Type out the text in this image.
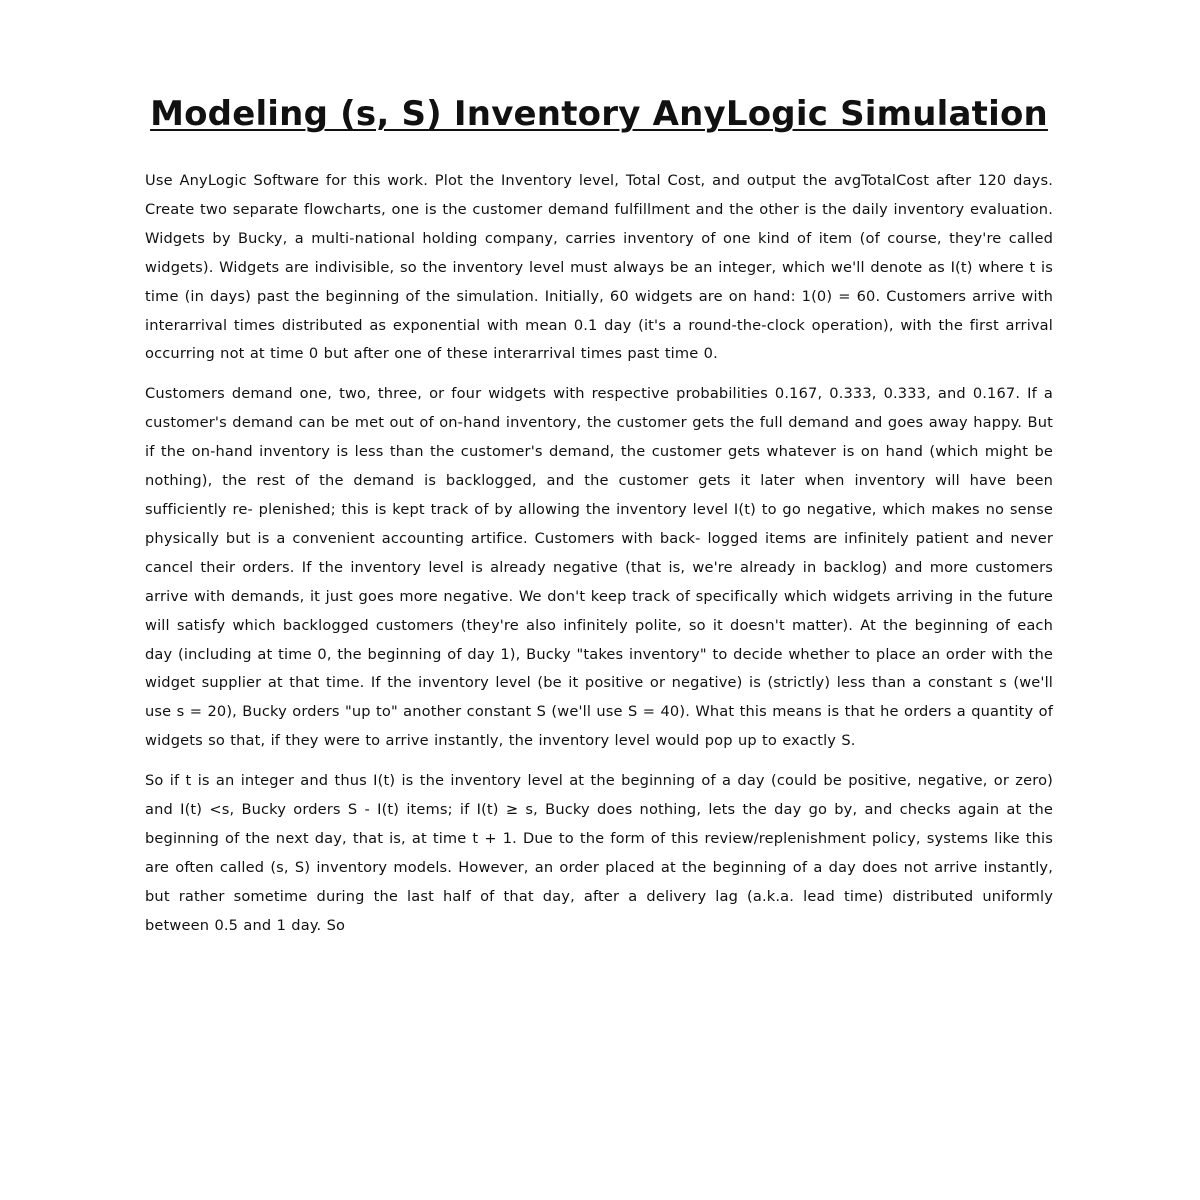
Modeling (s, S) Inventory AnyLogic Simulation

Use AnyLogic Software for this work. Plot the Inventory level, Total Cost, and output the avgTotalCost after 120 days. Create two separate flowcharts, one is the customer demand fulfillment and the other is the daily inventory evaluation. Widgets by Bucky, a multi-national holding company, carries inventory of one kind of item (of course, they're called widgets). Widgets are indivisible, so the inventory level must always be an integer, which we'll denote as I(t) where t is time (in days) past the beginning of the simulation. Initially, 60 widgets are on hand: 1(0) = 60. Customers arrive with interarrival times distributed as exponential with mean 0.1 day (it's a round-the-clock operation), with the first arrival occurring not at time 0 but after one of these interarrival times past time 0.

Customers demand one, two, three, or four widgets with respective probabilities 0.167, 0.333, 0.333, and 0.167. If a customer's demand can be met out of on-hand inventory, the customer gets the full demand and goes away happy. But if the on-hand inventory is less than the customer's demand, the customer gets whatever is on hand (which might be nothing), the rest of the demand is backlogged, and the customer gets it later when inventory will have been sufficiently re- plenished; this is kept track of by allowing the inventory level I(t) to go negative, which makes no sense physically but is a convenient accounting artifice. Customers with back- logged items are infinitely patient and never cancel their orders. If the inventory level is already negative (that is, we're already in backlog) and more customers arrive with demands, it just goes more negative. We don't keep track of specifically which widgets arriving in the future will satisfy which backlogged customers (they're also infinitely polite, so it doesn't matter). At the beginning of each day (including at time 0, the beginning of day 1), Bucky "takes inventory" to decide whether to place an order with the widget supplier at that time. If the inventory level (be it positive or negative) is (strictly) less than a constant s (we'll use s = 20), Bucky orders "up to" another constant S (we'll use S = 40). What this means is that he orders a quantity of widgets so that, if they were to arrive instantly, the inventory level would pop up to exactly S.

So if t is an integer and thus I(t) is the inventory level at the beginning of a day (could be positive, negative, or zero) and I(t) <s, Bucky orders S - I(t) items; if I(t) ≥ s, Bucky does nothing, lets the day go by, and checks again at the beginning of the next day, that is, at time t + 1. Due to the form of this review/replenishment policy, systems like this are often called (s, S) inventory models. However, an order placed at the beginning of a day does not arrive instantly, but rather sometime during the last half of that day, after a delivery lag (a.k.a. lead time) distributed uniformly between 0.5 and 1 day. So
